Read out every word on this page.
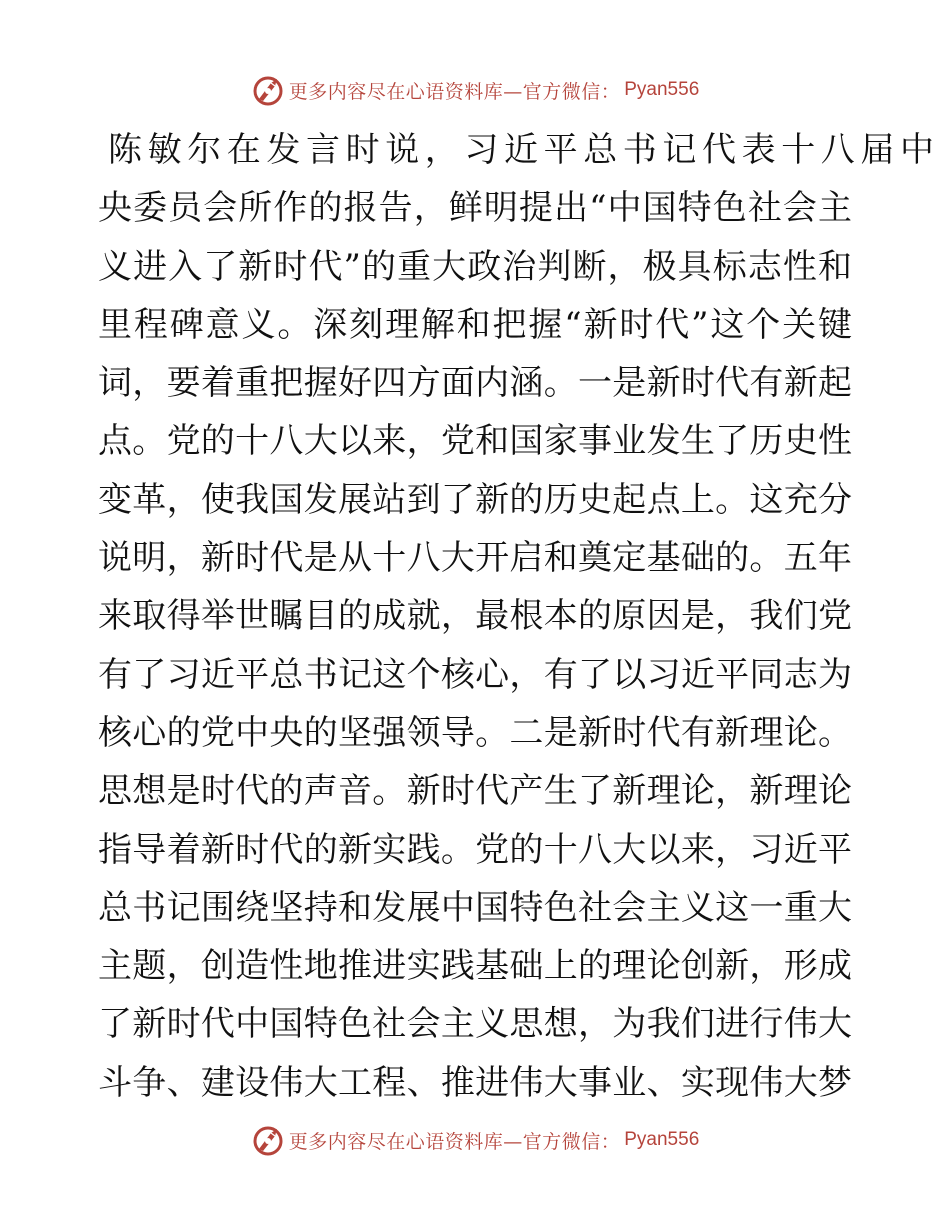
更多内容尽在心语资料库—官方微信： Pyan556
陈敏尔在发言时说，习近平总书记代表十八届中
央委员会所作的报告，鲜明提出“中国特色社会主
义进入了新时代”的重大政治判断，极具标志性和
里程碑意义。深刻理解和把握“新时代”这个关键
词，要着重把握好四方面内涵。一是新时代有新起
点。党的十八大以来，党和国家事业发生了历史性
变革，使我国发展站到了新的历史起点上。这充分
说明，新时代是从十八大开启和奠定基础的。五年
来取得举世瞩目的成就，最根本的原因是，我们党
有了习近平总书记这个核心，有了以习近平同志为
核心的党中央的坚强领导。二是新时代有新理论。
思想是时代的声音。新时代产生了新理论，新理论
指导着新时代的新实践。党的十八大以来，习近平
总书记围绕坚持和发展中国特色社会主义这一重大
主题，创造性地推进实践基础上的理论创新，形成
了新时代中国特色社会主义思想，为我们进行伟大
斗争、建设伟大工程、推进伟大事业、实现伟大梦
更多内容尽在心语资料库—官方微信： Pyan556
